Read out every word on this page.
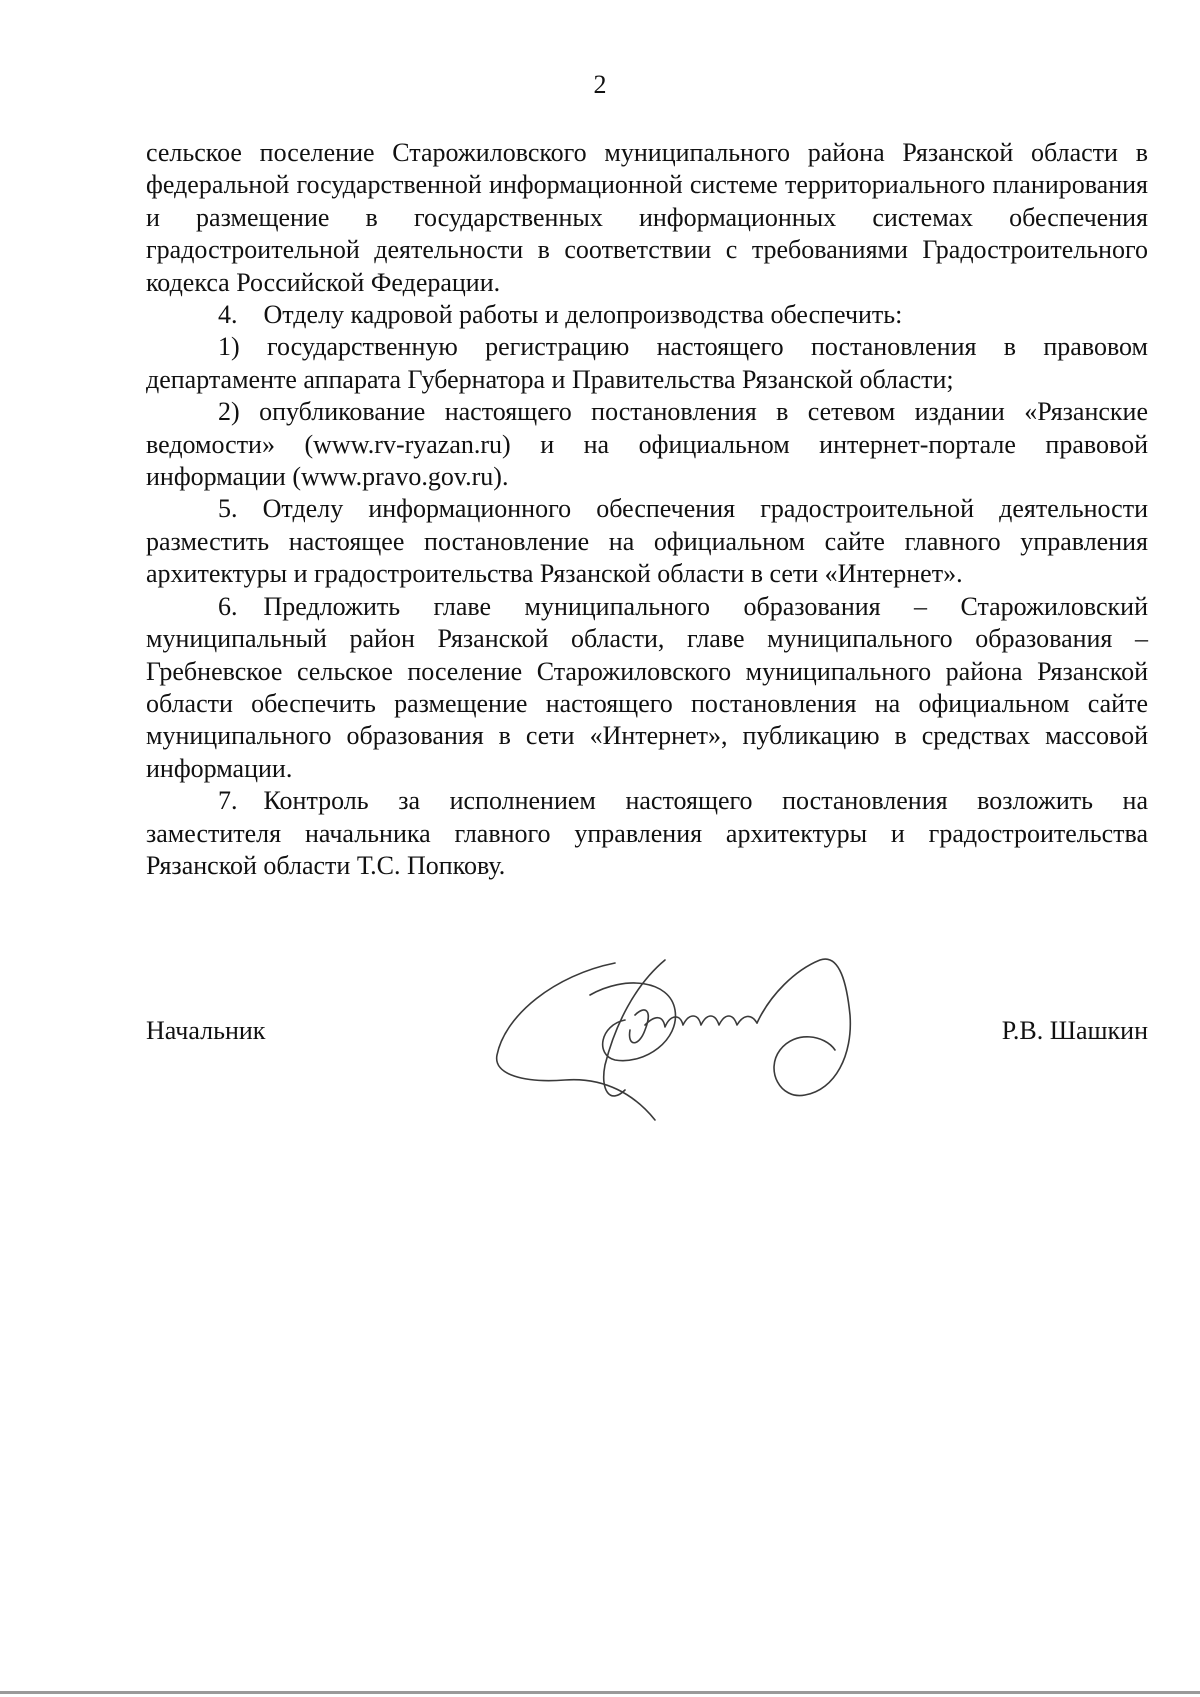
2

сельское поселение Старожиловского муниципального района Рязанской области в федеральной государственной информационной системе территориального планирования и размещение в государственных информационных системах обеспечения градостроительной деятельности в соответствии с требованиями Градостроительного кодекса Российской Федерации.

4. Отделу кадровой работы и делопроизводства обеспечить:

1) государственную регистрацию настоящего постановления в правовом департаменте аппарата Губернатора и Правительства Рязанской области;

2) опубликование настоящего постановления в сетевом издании «Рязанские ведомости» (www.rv-ryazan.ru) и на официальном интернет-портале правовой информации (www.pravo.gov.ru).

5. Отделу информационного обеспечения градостроительной деятельности разместить настоящее постановление на официальном сайте главного управления архитектуры и градостроительства Рязанской области в сети «Интернет».

6. Предложить главе муниципального образования – Старожиловский муниципальный район Рязанской области, главе муниципального образования – Гребневское сельское поселение Старожиловского муниципального района Рязанской области обеспечить размещение настоящего постановления на официальном сайте муниципального образования в сети «Интернет», публикацию в средствах массовой информации.

7. Контроль за исполнением настоящего постановления возложить на заместителя начальника главного управления архитектуры и градостроительства Рязанской области Т.С. Попкову.

Начальник	Р.В. Шашкин
